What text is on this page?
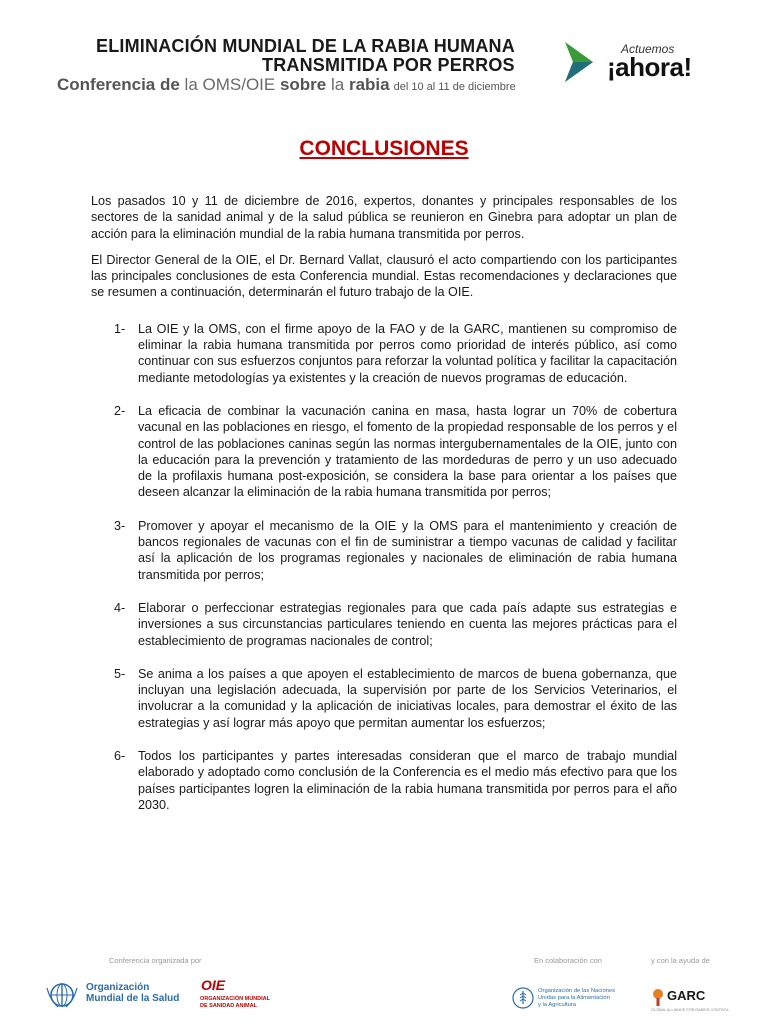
ELIMINACIÓN MUNDIAL DE LA RABIA HUMANA
TRANSMITIDA POR PERROS
Conferencia de la OMS/OIE sobre la rabia del 10 al 11 de diciembre
Actuemos
¡ahora!
CONCLUSIONES

Los pasados 10 y 11 de diciembre de 2016, expertos, donantes y principales responsables de los sectores de la sanidad animal y de la salud pública se reunieron en Ginebra para adoptar un plan de acción para la eliminación mundial de la rabia humana transmitida por perros.

El Director General de la OIE, el Dr. Bernard Vallat, clausuró el acto compartiendo con los participantes las principales conclusiones de esta Conferencia mundial. Estas recomendaciones y declaraciones que se resumen a continuación, determinarán el futuro trabajo de la OIE.

1- La OIE y la OMS, con el firme apoyo de la FAO y de la GARC, mantienen su compromiso de eliminar la rabia humana transmitida por perros como prioridad de interés público, así como continuar con sus esfuerzos conjuntos para reforzar la voluntad política y facilitar la capacitación mediante metodologías ya existentes y la creación de nuevos programas de educación.
2- La eficacia de combinar la vacunación canina en masa, hasta lograr un 70% de cobertura vacunal en las poblaciones en riesgo, el fomento de la propiedad responsable de los perros y el control de las poblaciones caninas según las normas intergubernamentales de la OIE, junto con la educación para la prevención y tratamiento de las mordeduras de perro y un uso adecuado de la profilaxis humana post-exposición, se considera la base para orientar a los países que deseen alcanzar la eliminación de la rabia humana transmitida por perros;
3- Promover y apoyar el mecanismo de la OIE y la OMS para el mantenimiento y creación de bancos regionales de vacunas con el fin de suministrar a tiempo vacunas de calidad y facilitar así la aplicación de los programas regionales y nacionales de eliminación de rabia humana transmitida por perros;
4- Elaborar o perfeccionar estrategias regionales para que cada país adapte sus estrategias e inversiones a sus circunstancias particulares teniendo en cuenta las mejores prácticas para el establecimiento de programas nacionales de control;
5- Se anima a los países a que apoyen el establecimiento de marcos de buena gobernanza, que incluyan una legislación adecuada, la supervisión por parte de los Servicios Veterinarios, el involucrar a la comunidad y la aplicación de iniciativas locales, para demostrar el éxito de las estrategias y así lograr más apoyo que permitan aumentar los esfuerzos;
6- Todos los participantes y partes interesadas consideran que el marco de trabajo mundial elaborado y adoptado como conclusión de la Conferencia es el medio más efectivo para que los países participantes logren la eliminación de la rabia humana transmitida por perros para el año 2030.
Conferencia organizada por	En colaboración con	y con la ayuda de
Organización
Mundial de la Salud
OIE
ORGANIZACIÓN MUNDIAL
DE SANIDAD ANIMAL
Organización de las Naciones
Unidas para la Alimentación
y la Agricultura
GARC
GLOBAL ALLIANCE FOR RABIES CONTROL
